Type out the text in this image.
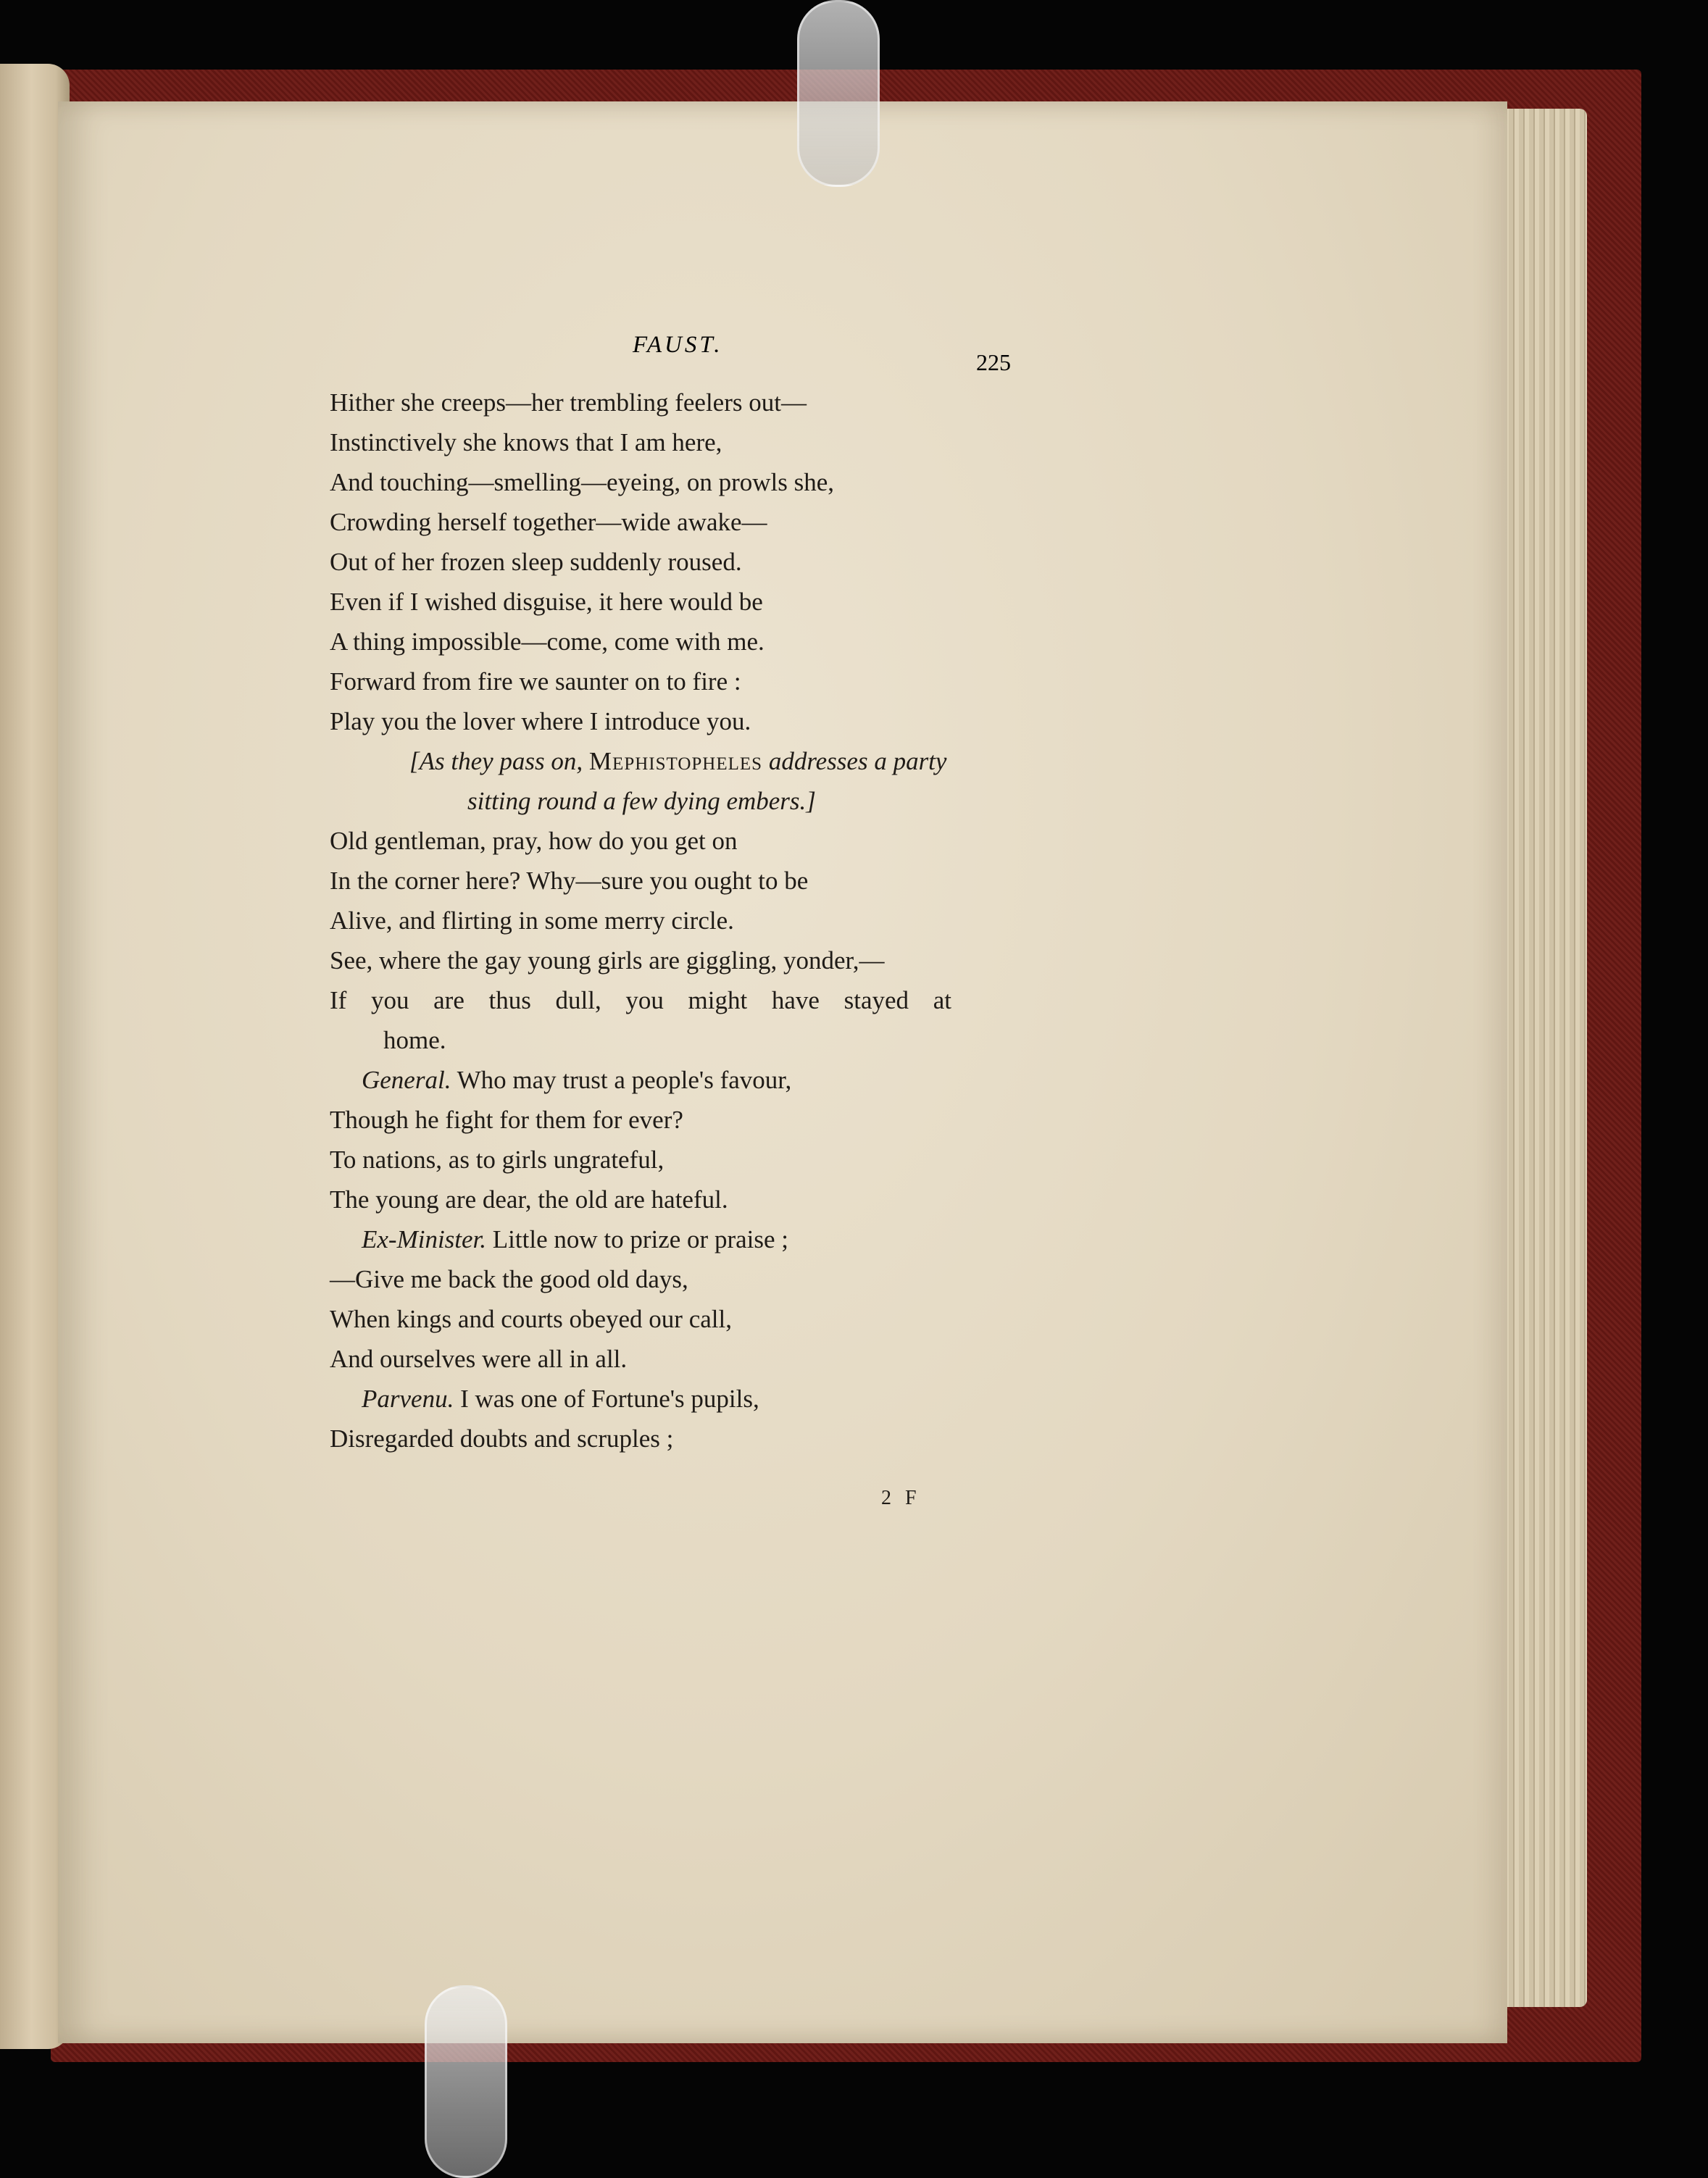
FAUST.
225
Hither she creeps—her trembling feelers out—
Instinctively she knows that I am here,
And touching—smelling—eyeing, on prowls she,
Crowding herself together—wide awake—
Out of her frozen sleep suddenly roused.
Even if I wished disguise, it here would be
A thing impossible—come, come with me.
Forward from fire we saunter on to fire :
Play you the lover where I introduce you.
[As they pass on, Mephistopheles addresses a party
sitting round a few dying embers.]
Old gentleman, pray, how do you get on
In the corner here? Why—sure you ought to be
Alive, and flirting in some merry circle.
See, where the gay young girls are giggling, yonder,—
If you are thus dull, you might have stayed at
home.
General. Who may trust a people's favour,
Though he fight for them for ever?
To nations, as to girls ungrateful,
The young are dear, the old are hateful.
Ex-Minister. Little now to prize or praise ;
—Give me back the good old days,
When kings and courts obeyed our call,
And ourselves were all in all.
Parvenu. I was one of Fortune's pupils,
Disregarded doubts and scruples ;
2 F
